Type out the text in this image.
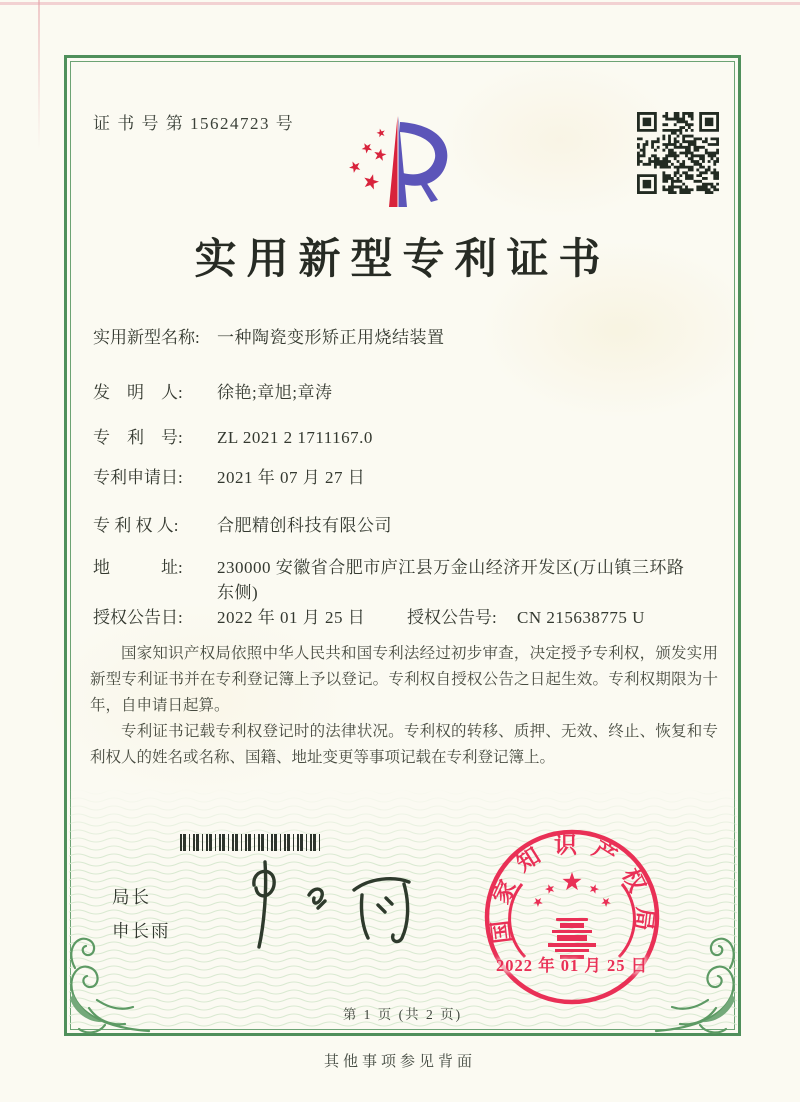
证 书 号 第 15624723 号
实用新型专利证书
实用新型名称:	一种陶瓷变形矫正用烧结装置
发　明　人:	徐艳;章旭;章涛
专　利　号:	ZL 2021 2 1711167.0
专利申请日:	2021 年 07 月 27 日
专 利 权 人:	合肥精创科技有限公司
地　　　址:	230000 安徽省合肥市庐江县万金山经济开发区(万山镇三环路东侧)
授权公告日:	2022 年 01 月 25 日	授权公告号:	CN 215638775 U

国家知识产权局依照中华人民共和国专利法经过初步审查，决定授予专利权，颁发实用新型专利证书并在专利登记簿上予以登记。专利权自授权公告之日起生效。专利权期限为十年，自申请日起算。

专利证书记载专利权登记时的法律状况。专利权的转移、质押、无效、终止、恢复和专利权人的姓名或名称、国籍、地址变更等事项记载在专利登记簿上。

局长
申长雨	国家知识产权局
2022 年 01 月 25 日
第 1 页 (共 2 页)
其他事项参见背面
